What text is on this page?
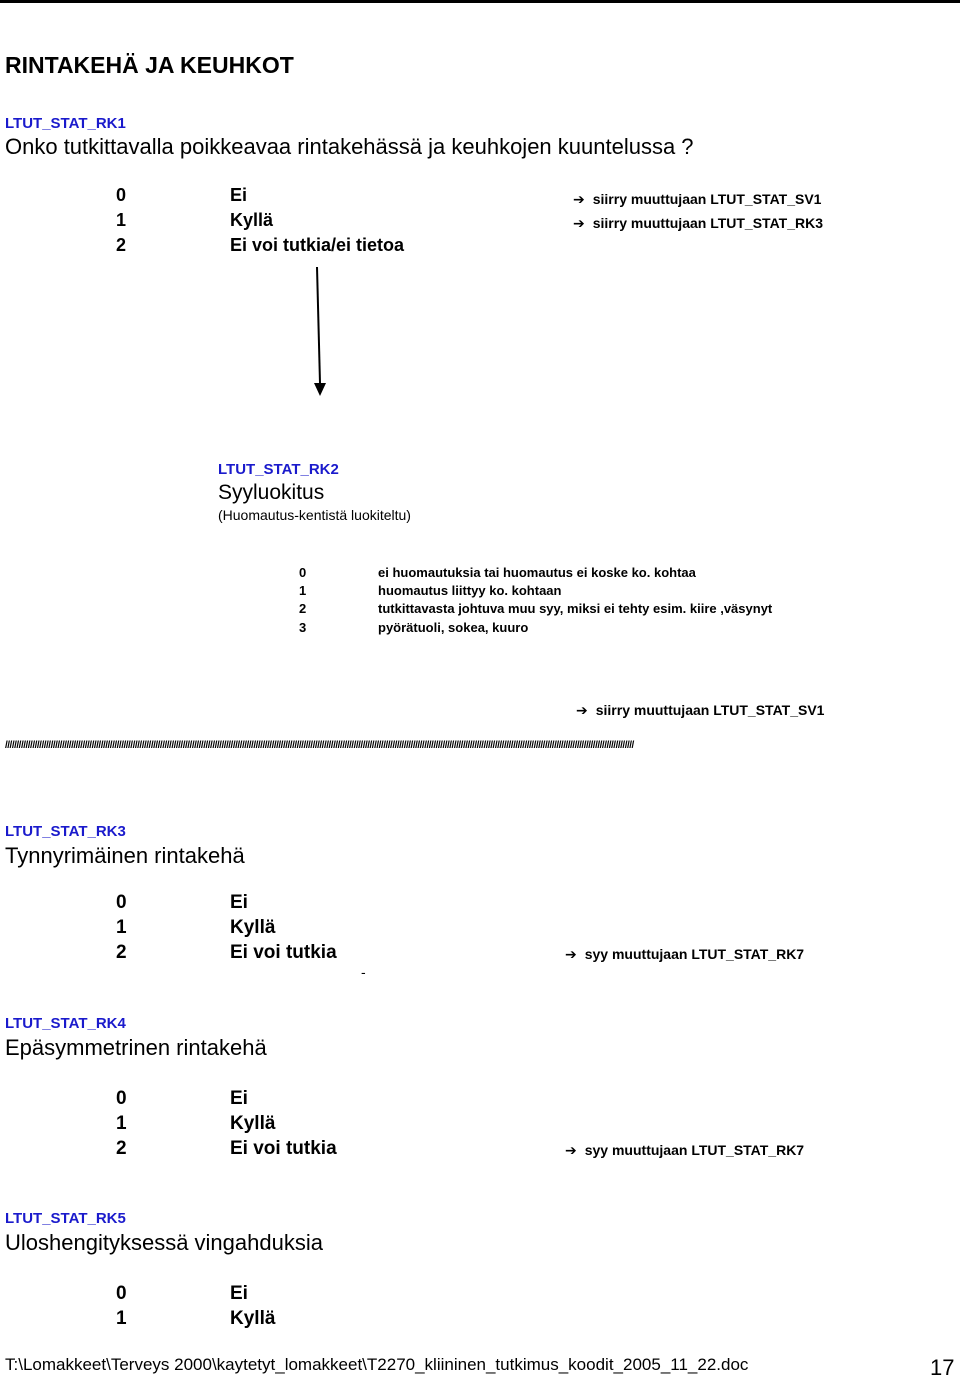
RINTAKEHÄ JA KEUHKOT
LTUT_STAT_RK1
Onko tutkittavalla poikkeavaa rintakehässä ja keuhkojen kuuntelussa ?
0	Ei	➔ siirry muuttujaan LTUT_STAT_SV1
1	Kyllä	➔ siirry muuttujaan LTUT_STAT_RK3
2	Ei voi tutkia/ei tietoa
LTUT_STAT_RK2
Syyluokitus
(Huomautus-kentistä luokiteltu)
0	ei huomautuksia tai huomautus ei koske ko. kohtaa
1	huomautus liittyy ko. kohtaan
2	tutkittavasta johtuva muu syy, miksi ei tehty esim. kiire ,väsynyt
3	pyörätuoli, sokea, kuuro
➔ siirry muuttujaan LTUT_STAT_SV1
////////////////////////////////////////////////////////////////////////////////////////////////////////////////////////////////////////////////////////////////////////////////////////////////////////////////////////////////////////////////////////////////////////////////////
LTUT_STAT_RK3
Tynnyrimäinen rintakehä
0	Ei
1	Kyllä
2	Ei voi tutkia	➔ syy muuttujaan LTUT_STAT_RK7
-
LTUT_STAT_RK4
Epäsymmetrinen rintakehä
0	Ei
1	Kyllä
2	Ei voi tutkia	➔ syy muuttujaan LTUT_STAT_RK7
LTUT_STAT_RK5
Uloshengityksessä vingahduksia
0	Ei
1	Kyllä
T:\Lomakkeet\Terveys 2000\kaytetyt_lomakkeet\T2270_kliininen_tutkimus_koodit_2005_11_22.doc	17
